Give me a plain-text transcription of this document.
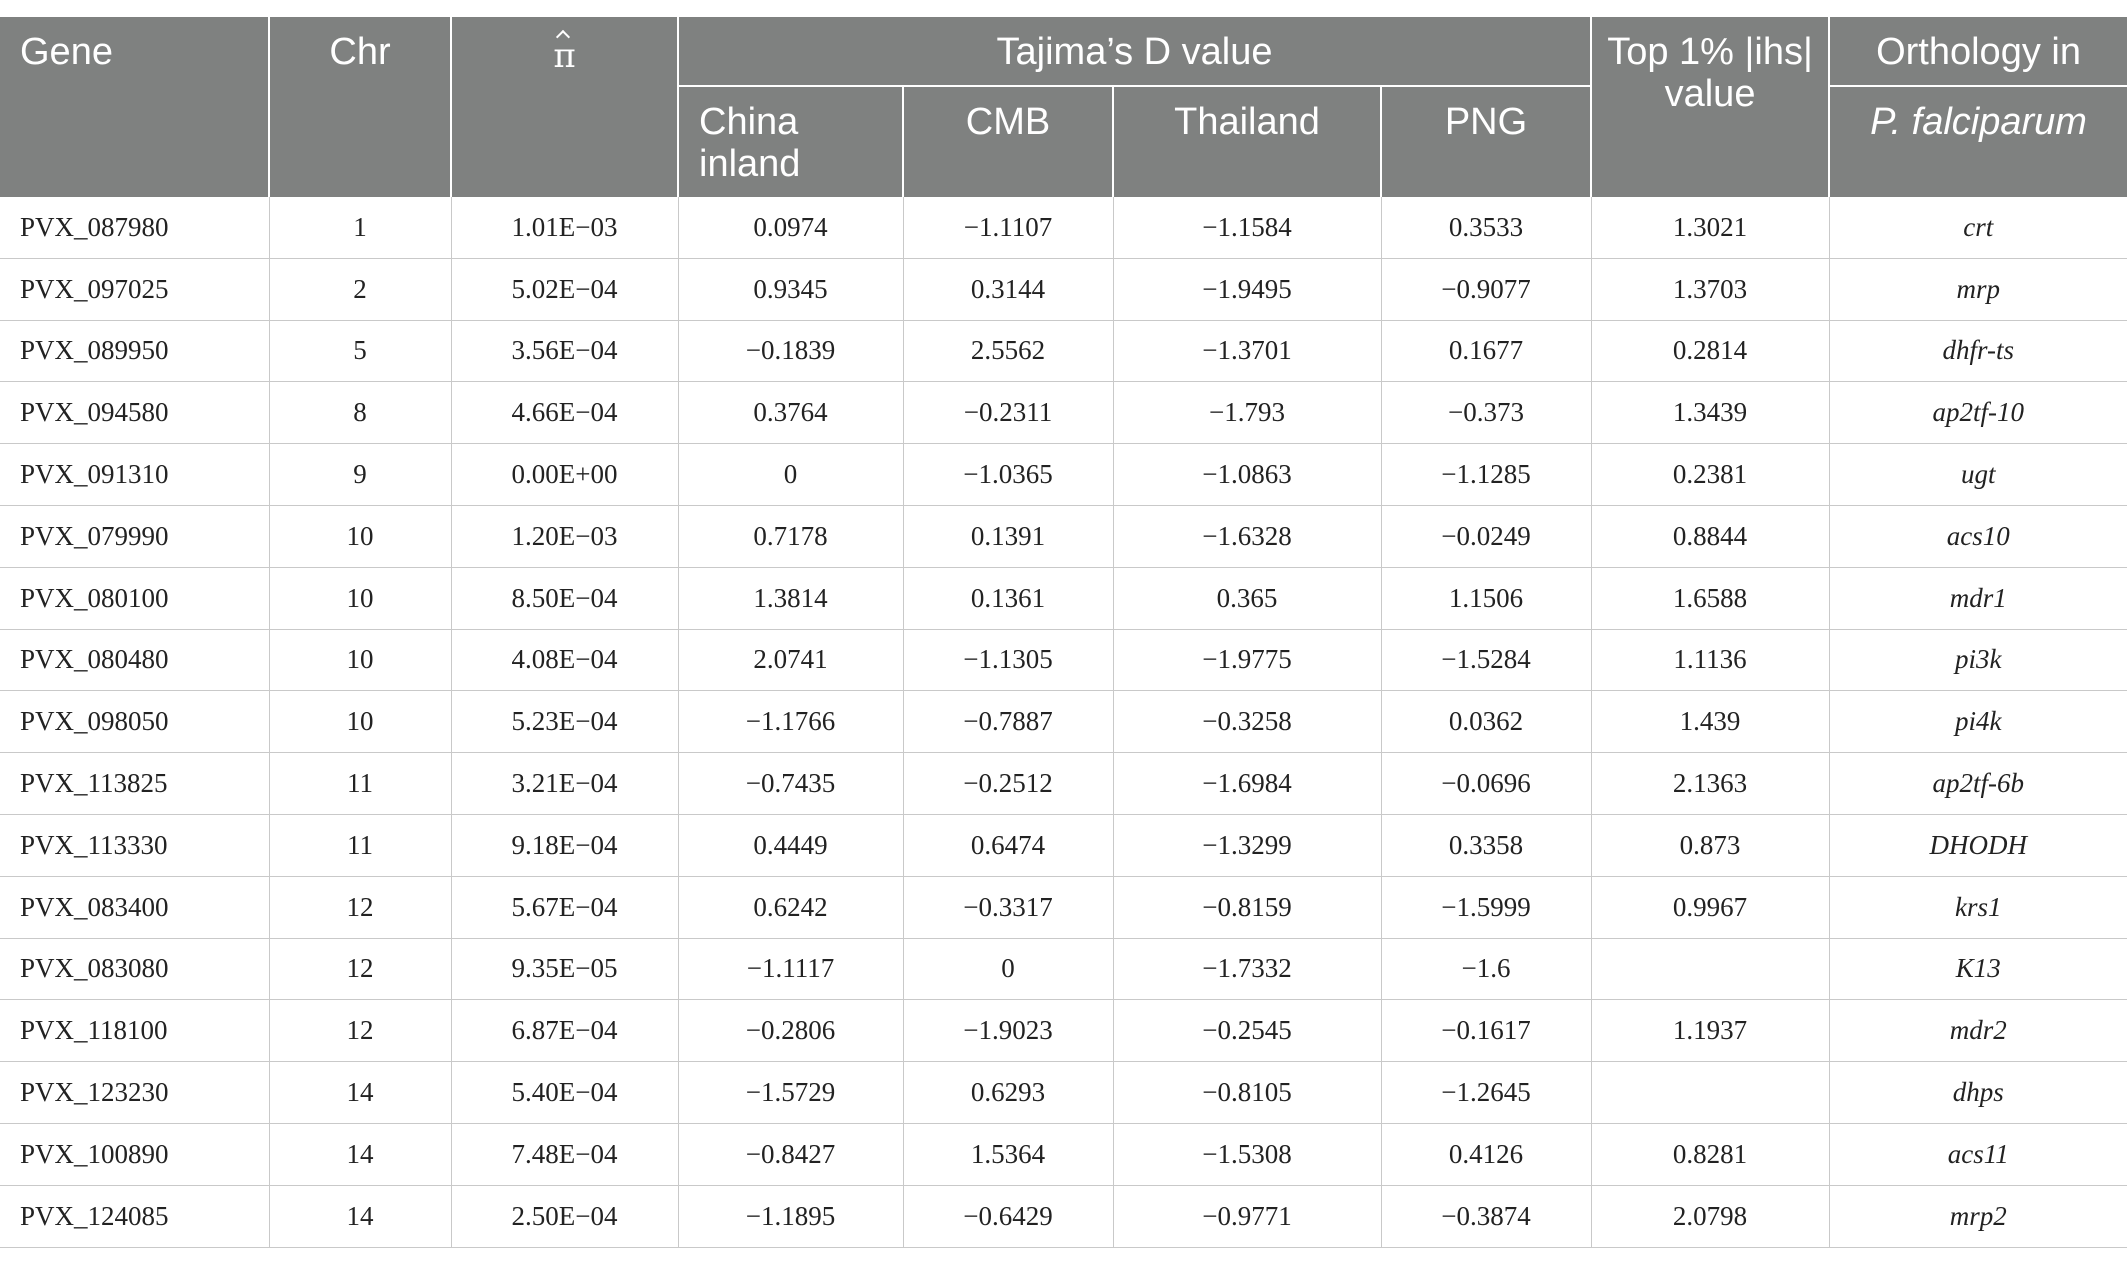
Gene	Chr	π	Tajima’s D value				Top 1% |ihs| value	Orthology in
			China inland	CMB	Thailand	PNG		P. falciparum
PVX_087980	1	1.01E−03	0.0974	−1.1107	−1.1584	0.3533	1.3021	crt
PVX_097025	2	5.02E−04	0.9345	0.3144	−1.9495	−0.9077	1.3703	mrp
PVX_089950	5	3.56E−04	−0.1839	2.5562	−1.3701	0.1677	0.2814	dhfr-ts
PVX_094580	8	4.66E−04	0.3764	−0.2311	−1.793	−0.373	1.3439	ap2tf-10
PVX_091310	9	0.00E+00	0	−1.0365	−1.0863	−1.1285	0.2381	ugt
PVX_079990	10	1.20E−03	0.7178	0.1391	−1.6328	−0.0249	0.8844	acs10
PVX_080100	10	8.50E−04	1.3814	0.1361	0.365	1.1506	1.6588	mdr1
PVX_080480	10	4.08E−04	2.0741	−1.1305	−1.9775	−1.5284	1.1136	pi3k
PVX_098050	10	5.23E−04	−1.1766	−0.7887	−0.3258	0.0362	1.439	pi4k
PVX_113825	11	3.21E−04	−0.7435	−0.2512	−1.6984	−0.0696	2.1363	ap2tf-6b
PVX_113330	11	9.18E−04	0.4449	0.6474	−1.3299	0.3358	0.873	DHODH
PVX_083400	12	5.67E−04	0.6242	−0.3317	−0.8159	−1.5999	0.9967	krs1
PVX_083080	12	9.35E−05	−1.1117	0	−1.7332	−1.6		K13
PVX_118100	12	6.87E−04	−0.2806	−1.9023	−0.2545	−0.1617	1.1937	mdr2
PVX_123230	14	5.40E−04	−1.5729	0.6293	−0.8105	−1.2645		dhps
PVX_100890	14	7.48E−04	−0.8427	1.5364	−1.5308	0.4126	0.8281	acs11
PVX_124085	14	2.50E−04	−1.1895	−0.6429	−0.9771	−0.3874	2.0798	mrp2
